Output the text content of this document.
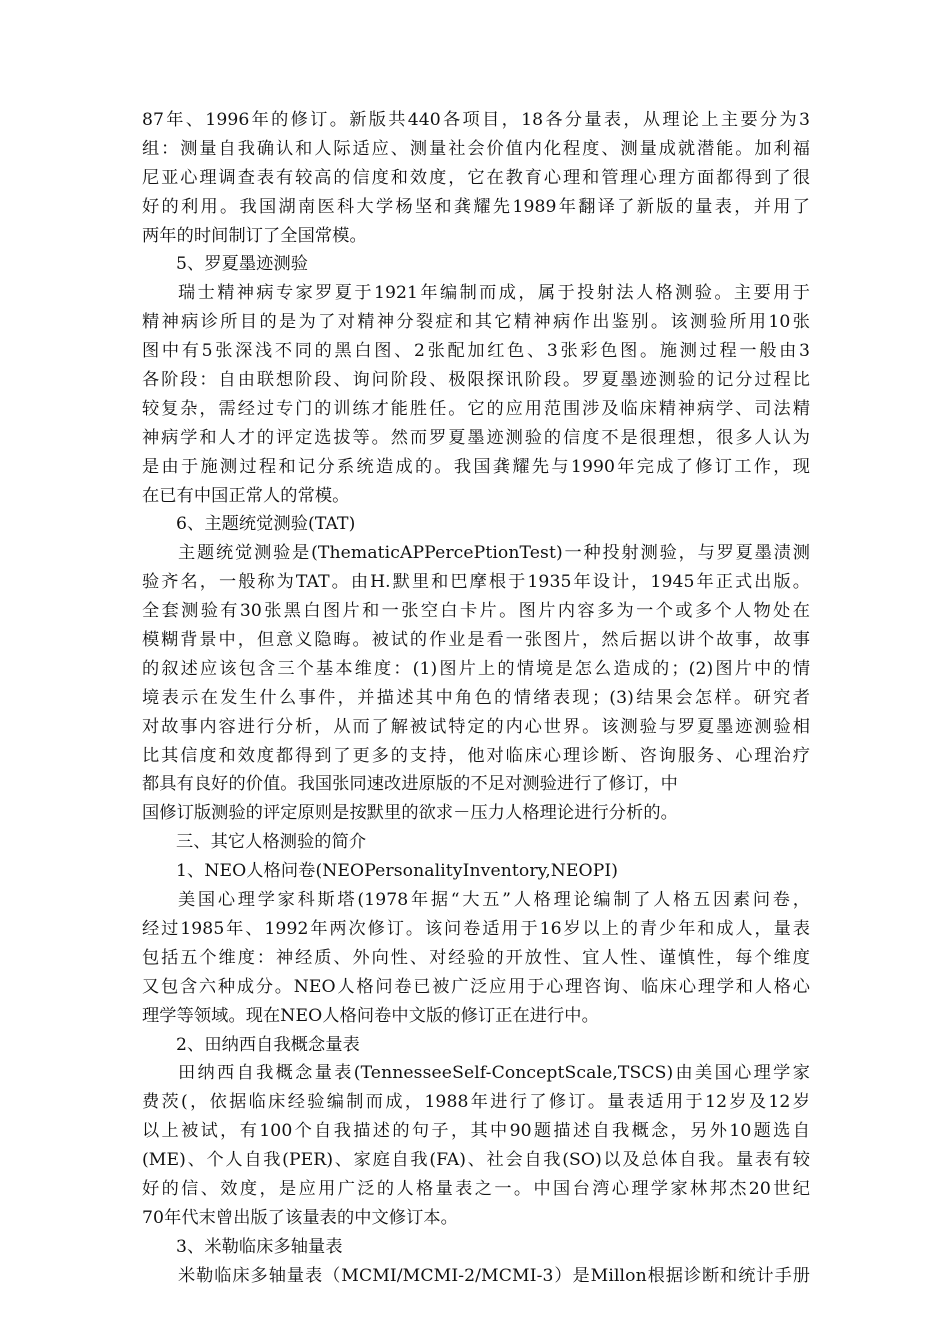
87年、1996年的修订。新版共440各项目，18各分量表，从理论上主要分为3
组：测量自我确认和人际适应、测量社会价值内化程度、测量成就潜能。加利福
尼亚心理调查表有较高的信度和效度，它在教育心理和管理心理方面都得到了很
好的利用。我国湖南医科大学杨坚和龚耀先1989年翻译了新版的量表，并用了
两年的时间制订了全国常模。
5、罗夏墨迹测验
瑞士精神病专家罗夏于1921年编制而成，属于投射法人格测验。主要用于
精神病诊所目的是为了对精神分裂症和其它精神病作出鉴别。该测验所用10张
图中有5张深浅不同的黑白图、2张配加红色、3张彩色图。施测过程一般由3
各阶段：自由联想阶段、询问阶段、极限探讯阶段。罗夏墨迹测验的记分过程比
较复杂，需经过专门的训练才能胜任。它的应用范围涉及临床精神病学、司法精
神病学和人才的评定选拔等。然而罗夏墨迹测验的信度不是很理想，很多人认为
是由于施测过程和记分系统造成的。我国龚耀先与1990年完成了修订工作，现
在已有中国正常人的常模。
6、主题统觉测验(TAT)
主题统觉测验是(ThematicAPPercePtionTest)一种投射测验，与罗夏墨渍测
验齐名，一般称为TAT。由H.默里和巴摩根于1935年设计，1945年正式出版。
全套测验有30张黑白图片和一张空白卡片。图片内容多为一个或多个人物处在
模糊背景中，但意义隐晦。被试的作业是看一张图片，然后据以讲个故事，故事
的叙述应该包含三个基本维度：(1)图片上的情境是怎么造成的；(2)图片中的情
境表示在发生什么事件，并描述其中角色的情绪表现；(3)结果会怎样。研究者
对故事内容进行分析，从而了解被试特定的内心世界。该测验与罗夏墨迹测验相
比其信度和效度都得到了更多的支持，他对临床心理诊断、咨询服务、心理治疗
都具有良好的价值。我国张同速改进原版的不足对测验进行了修订，中
国修订版测验的评定原则是按默里的欲求－压力人格理论进行分析的。
三、其它人格测验的简介
1、NEO人格问卷(NEOPersonalityInventory,NEOPI)
美国心理学家科斯塔(1978年据“大五”人格理论编制了人格五因素问卷，
经过1985年、1992年两次修订。该问卷适用于16岁以上的青少年和成人，量表
包括五个维度：神经质、外向性、对经验的开放性、宜人性、谨慎性，每个维度
又包含六种成分。NEO人格问卷已被广泛应用于心理咨询、临床心理学和人格心
理学等领域。现在NEO人格问卷中文版的修订正在进行中。
2、田纳西自我概念量表
田纳西自我概念量表(TennesseeSelf-ConceptScale,TSCS)由美国心理学家
费茨(，依据临床经验编制而成，1988年进行了修订。量表适用于12岁及12岁
以上被试，有100个自我描述的句子，其中90题描述自我概念，另外10题选自
(ME)、个人自我(PER)、家庭自我(FA)、社会自我(SO)以及总体自我。量表有较
好的信、效度，是应用广泛的人格量表之一。中国台湾心理学家林邦杰20世纪
70年代末曾出版了该量表的中文修订本。
3、米勒临床多轴量表
米勒临床多轴量表（MCMI/MCMI-2/MCMI-3）是Millon根据诊断和统计手册
